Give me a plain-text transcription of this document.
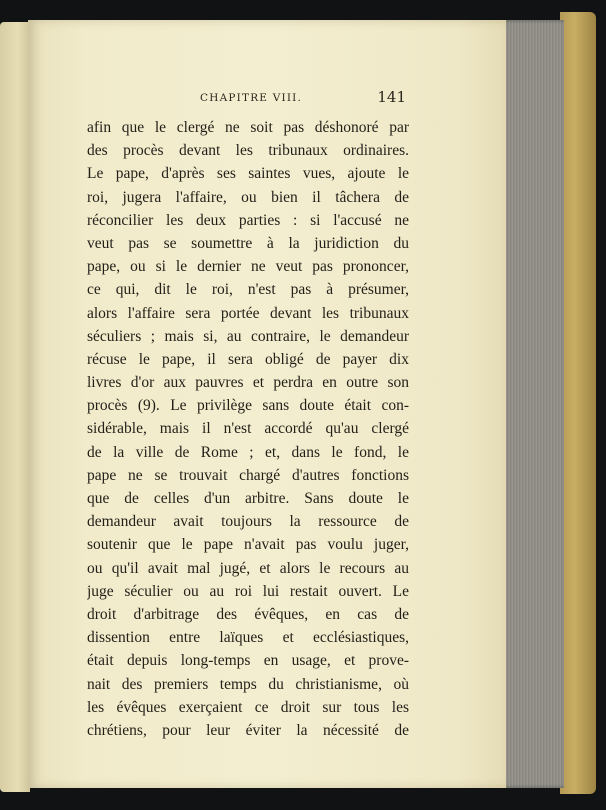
CHAPITRE VIII.	141
afin que le clergé ne soit pas déshonoré par
des procès devant les tribunaux ordinaires.
Le pape, d'après ses saintes vues, ajoute le
roi, jugera l'affaire, ou bien il tâchera de
réconcilier les deux parties : si l'accusé ne
veut pas se soumettre à la juridiction du
pape, ou si le dernier ne veut pas prononcer,
ce qui, dit le roi, n'est pas à présumer,
alors l'affaire sera portée devant les tribunaux
séculiers ; mais si, au contraire, le demandeur
récuse le pape, il sera obligé de payer dix
livres d'or aux pauvres et perdra en outre son
procès (9). Le privilège sans doute était con-
sidérable, mais il n'est accordé qu'au clergé
de la ville de Rome ; et, dans le fond, le
pape ne se trouvait chargé d'autres fonctions
que de celles d'un arbitre. Sans doute le
demandeur avait toujours la ressource de
soutenir que le pape n'avait pas voulu juger,
ou qu'il avait mal jugé, et alors le recours au
juge séculier ou au roi lui restait ouvert. Le
droit d'arbitrage des évêques, en cas de
dissention entre laïques et ecclésiastiques,
était depuis long-temps en usage, et prove-
nait des premiers temps du christianisme, où
les évêques exerçaient ce droit sur tous les
chrétiens, pour leur éviter la nécessité de
